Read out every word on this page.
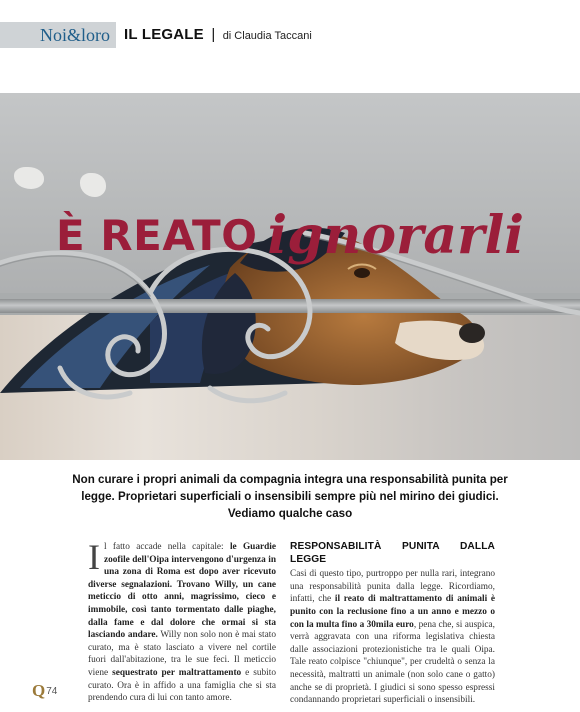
Noi&loro IL LEGALE | di Claudia Taccani
È REATO ignorarli
Non curare i propri animali da compagnia integra una responsabilità punita per legge. Proprietari superficiali o insensibili sempre più nel mirino dei giudici. Vediamo qualche caso
Il fatto accade nella capitale: le Guardie zoofile dell'Oipa intervengono d'urgenza in una zona di Roma est dopo aver ricevuto diverse segnalazioni. Trovano Willy, un cane meticcio di otto anni, magrissimo, cieco e immobile, così tanto tormentato dalle piaghe, dalla fame e dal dolore che ormai si sta lasciando andare. Willy non solo non è mai stato curato, ma è stato lasciato a vivere nel cortile fuori dall'abitazione, tra le sue feci. Il meticcio viene sequestrato per maltrattamento e subito curato. Ora è in affido a una famiglia che si sta prendendo cura di lui con tanto amore.
RESPONSABILITÀ PUNITA DALLA LEGGE
Casi di questo tipo, purtroppo per nulla rari, integrano una responsabilità punita dalla legge. Ricordiamo, infatti, che il reato di maltrattamento di animali è punito con la reclusione fino a un anno e mezzo o con la multa fino a 30mila euro, pena che, si auspica, verrà aggravata con una riforma legislativa chiesta dalle associazioni protezionistiche tra le quali Oipa. Tale reato colpisce "chiunque", per crudeltà o senza la necessità, maltratti un animale (non solo cane o gatto) anche se di proprietà. I giudici si sono spesso espressi condannando proprietari superficiali o insensibili.
Q74
